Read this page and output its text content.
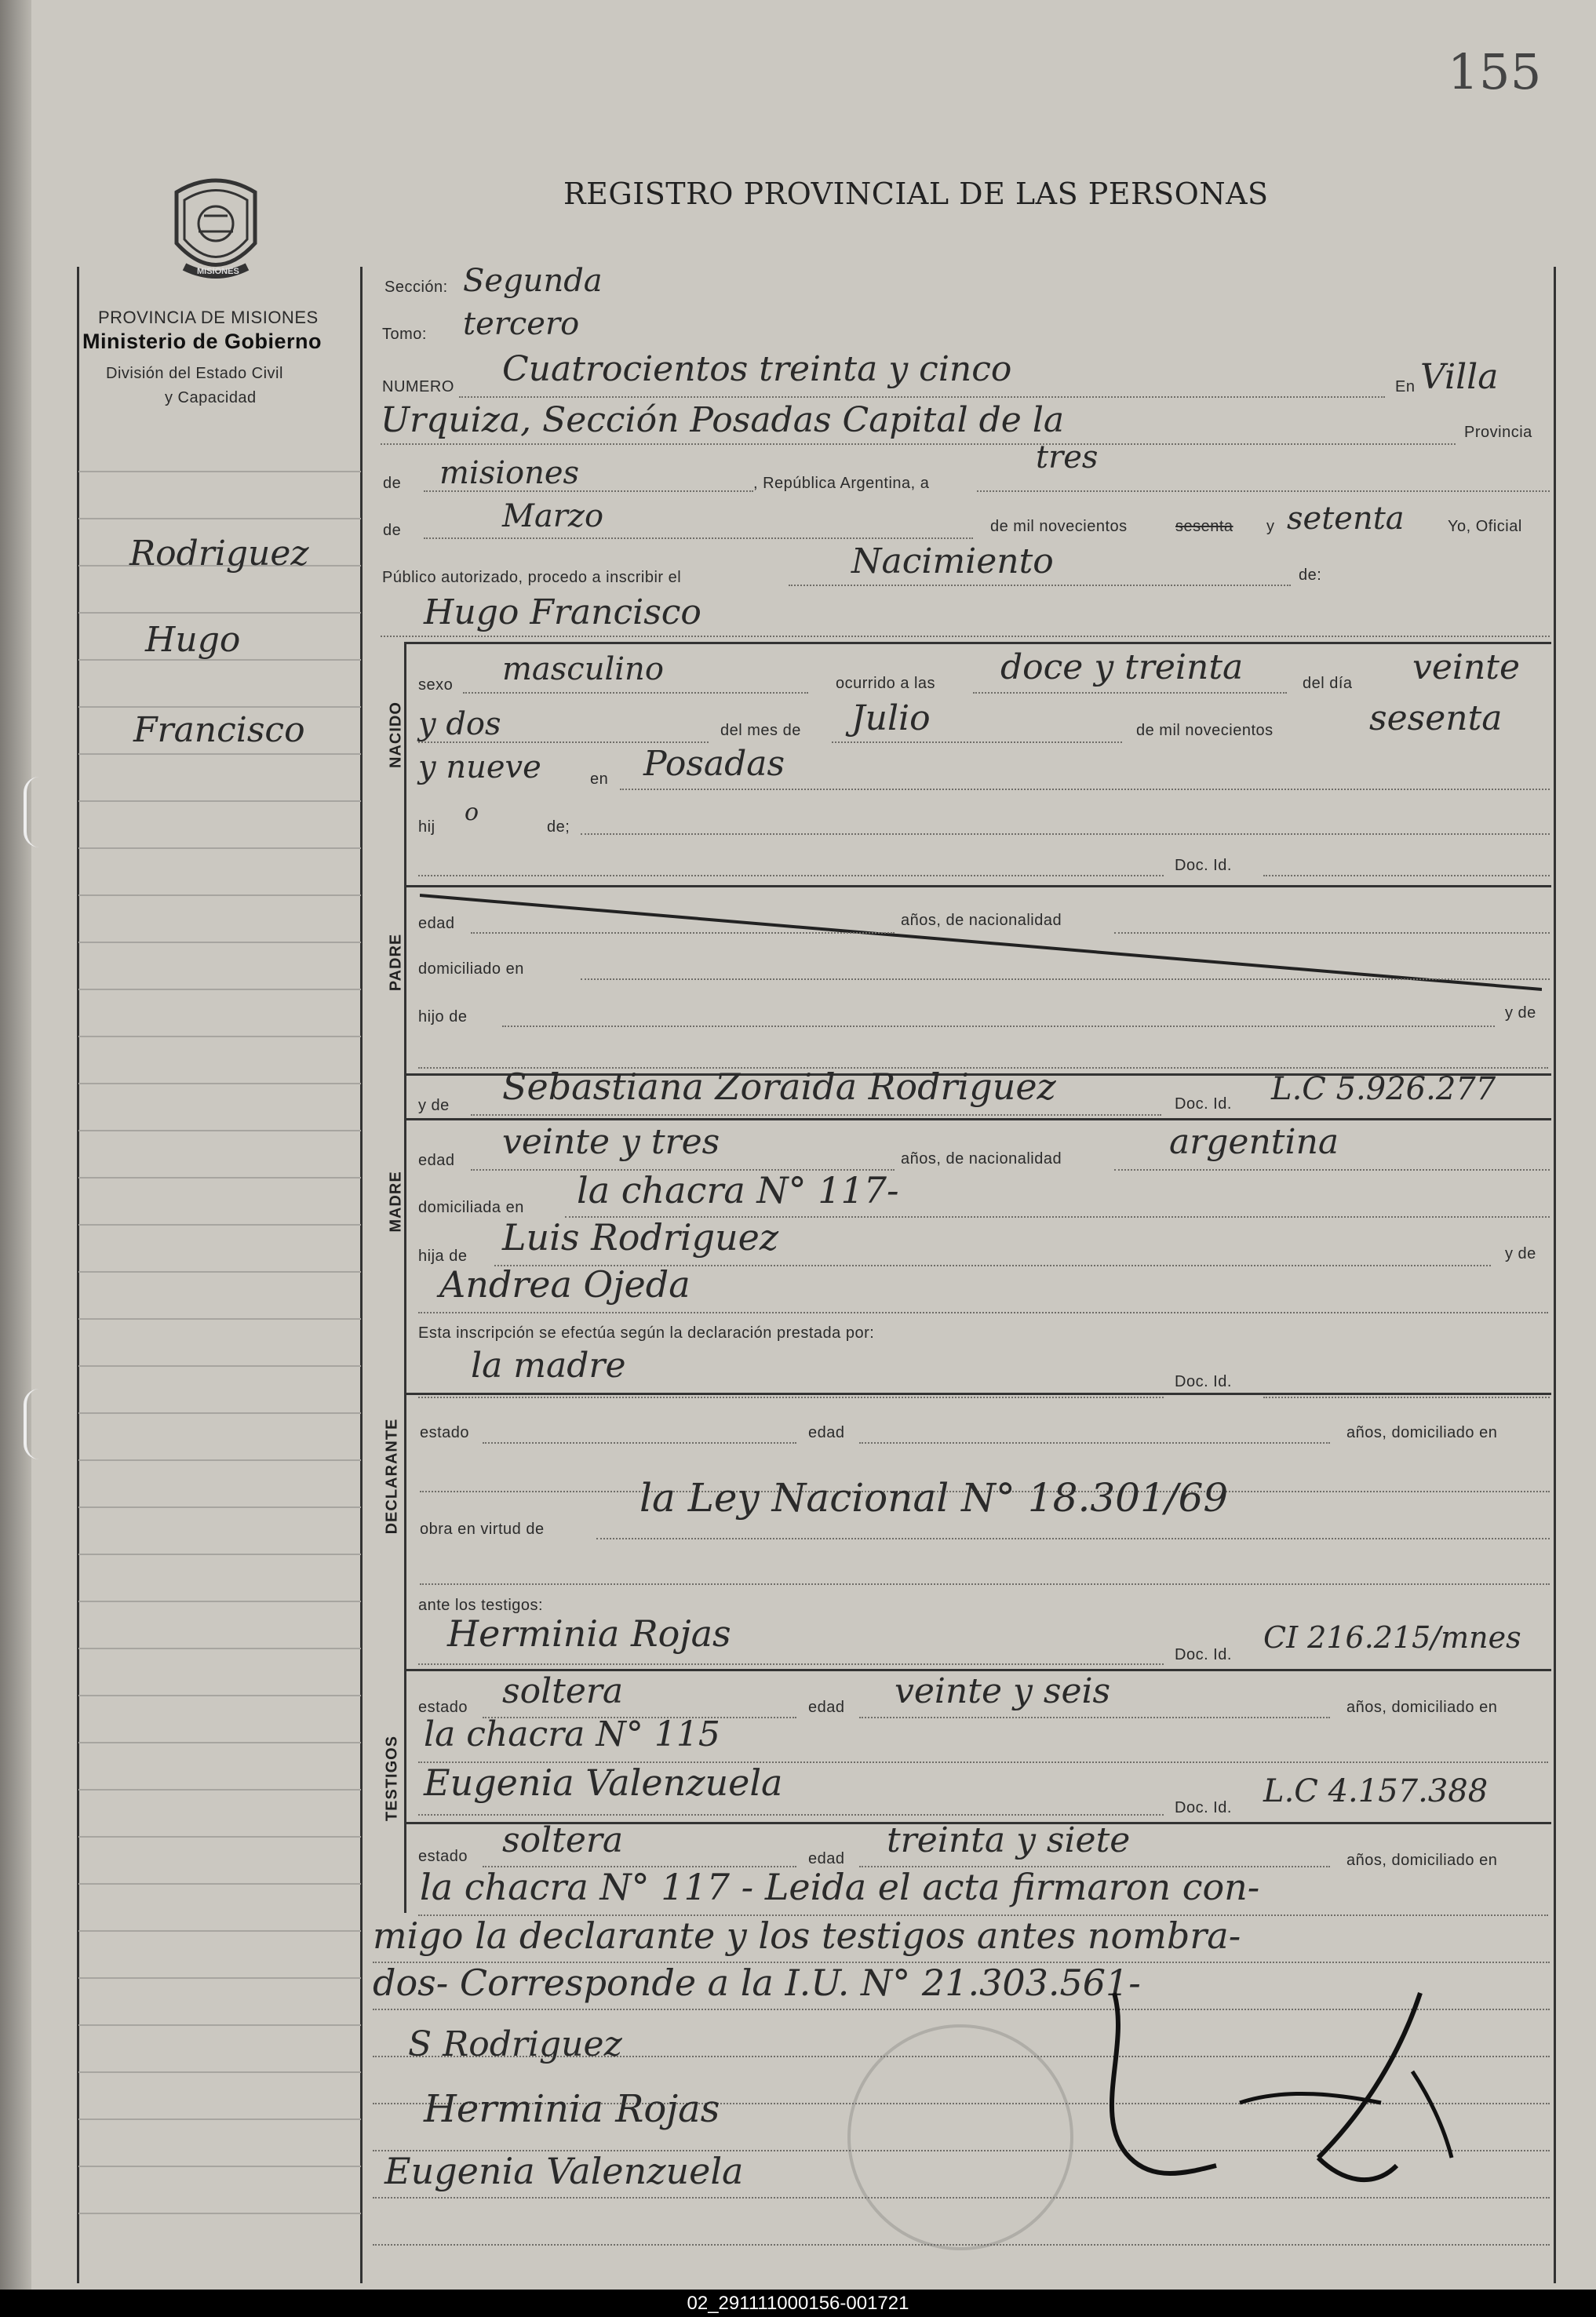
155
MISIONES
REGISTRO PROVINCIAL DE LAS PERSONAS
PROVINCIA DE MISIONES
Ministerio de Gobierno
División del Estado Civil
y Capacidad
Rodriguez
Hugo
Francisco
Sección: Segunda
Tomo: tercero
NUMERO Cuatrocientos treinta y cinco	En Villa
Urquiza, Sección Posadas Capital de la	Provincia
de misiones	, República Argentina, a
tres
de	Marzo	de mil novecientos	sesenta y setenta	Yo, Oficial
Público autorizado, procedo a inscribir el	Nacimiento	de:
Hugo Francisco
NACIDO
sexo masculino	ocurrido a las doce y treinta	del día veinte
y dos	del mes de Julio	de mil novecientos	sesenta
y nueve	en Posadas
hij
o
de;
Doc. Id.
PADRE
edad	años, de nacionalidad
domiciliado en
hijo de	y de
y de Sebastiana Zoraida Rodriguez	Doc. Id. L.C 5.926.277
MADRE
edad veinte y tres	años, de nacionalidad	argentina
domiciliada en la chacra N° 117-
hija de Luis Rodriguez	y de
Andrea Ojeda
Esta inscripción se efectúa según la declaración prestada por:
la madre	Doc. Id.
DECLARANTE estado	edad	años, domiciliado en
obra en virtud de
la Ley Nacional N° 18.301/69
ante los testigos:
Herminia Rojas	Doc. Id. CI 216.215/mnes
TESTIGOS
estado soltera	edad veinte y seis	años, domiciliado en
la chacra N° 115
Eugenia Valenzuela
Doc. Id. L.C 4.157.388
estado soltera	edad treinta y siete	años, domiciliado en
la chacra N° 117 - Leida el acta firmaron con-
migo la declarante y los testigos antes nombra-
dos- Corresponde a la I.U. N° 21.303.561-
S Rodriguez
Herminia Rojas
Eugenia Valenzuela
02_291111000156-001721
